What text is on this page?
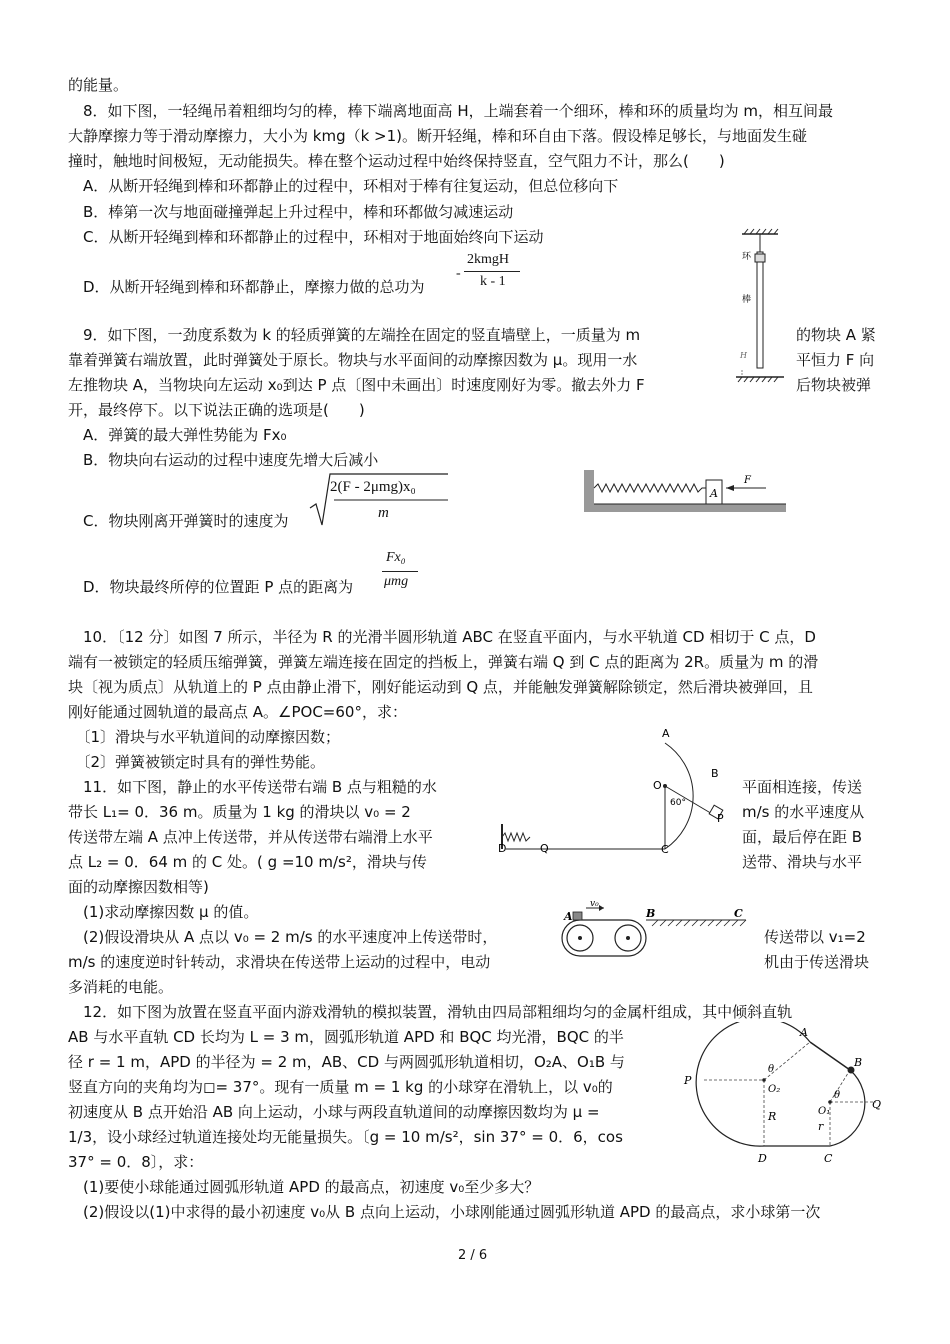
的能量。
　8．如下图，一轻绳吊着粗细均匀的棒，棒下端离地面高 H，上端套着一个细环，棒和环的质量均为 m，相互间最
大静摩擦力等于滑动摩擦力，大小为 kmg（k >1)。断开轻绳，棒和环自由下落。假设棒足够长，与地面发生碰
撞时，触地时间极短，无动能损失。棒在整个运动过程中始终保持竖直，空气阻力不计，那么(　　)
　A．从断开轻绳到棒和环都静止的过程中，环相对于棒有往复运动，但总位移向下
　B．棒第一次与地面碰撞弹起上升过程中，棒和环都做匀减速运动
　C．从断开轻绳到棒和环都静止的过程中，环相对于地面始终向下运动
　D．从断开轻绳到棒和环都静止，摩擦力做的总功为
-
2kmgH
k - 1
　9．如下图，一劲度系数为 k 的轻质弹簧的左端拴在固定的竖直墙壁上，一质量为 m	的物块 A 紧
靠着弹簧右端放置，此时弹簧处于原长。物块与水平面间的动摩擦因数为 μ。现用一水	平恒力 F 向
左推物块 A，当物块向左运动 x₀到达 P 点〔图中未画出〕时速度刚好为零。撤去外力 F	后物块被弹
开，最终停下。以下说法正确的选项是(　　)
　A．弹簧的最大弹性势能为 Fx₀
　B．物块向右运动的过程中速度先增大后减小
　C．物块刚离开弹簧时的速度为
2(F - 2μmg)x₀
m
　D．物块最终所停的位置距 P 点的距离为
Fx₀
μmg
　10．〔12 分〕如图 7 所示，半径为 R 的光滑半圆形轨道 ABC 在竖直平面内，与水平轨道 CD 相切于 C 点，D
端有一被锁定的轻质压缩弹簧，弹簧左端连接在固定的挡板上，弹簧右端 Q 到 C 点的距离为 2R。质量为 m 的滑
块〔视为质点〕从轨道上的 P 点由静止滑下，刚好能运动到 Q 点，并能触发弹簧解除锁定，然后滑块被弹回，且
刚好能通过圆轨道的最高点 A。∠POC=60°，求：
　〔1〕滑块与水平轨道间的动摩擦因数；
　〔2〕弹簧被锁定时具有的弹性势能。
　11．如下图，静止的水平传送带右端 B 点与粗糙的水	平面相连接，传送
带长 L₁= 0．36 m。质量为 1 kg 的滑块以 v₀ = 2	m/s 的水平速度从
传送带左端 A 点冲上传送带，并从传送带右端滑上水平	面，最后停在距 B
点 L₂ = 0．64 m 的 C 处。( g =10 m/s²，滑块与传	送带、滑块与水平
面的动摩擦因数相等)
　(1)求动摩擦因数 μ 的值。
　(2)假设滑块从 A 点以 v₀ = 2 m/s 的水平速度冲上传送带时，	传送带以 v₁=2
m/s 的速度逆时针转动，求滑块在传送带上运动的过程中，电动	机由于传送滑块
多消耗的电能。
　12．如下图为放置在竖直平面内游戏滑轨的模拟装置，滑轨由四局部粗细均匀的金属杆组成，其中倾斜直轨
AB 与水平直轨 CD 长均为 L = 3 m，圆弧形轨道 APD 和 BQC 均光滑，BQC 的半
径 r = 1 m，APD 的半径为 = 2 m，AB、CD 与两圆弧形轨道相切，O₂A、O₁B 与
竖直方向的夹角均为◻= 37°。现有一质量 m = 1 kg 的小球穿在滑轨上，以 v₀的
初速度从 B 点开始沿 AB 向上运动，小球与两段直轨道间的动摩擦因数均为 μ =
1/3，设小球经过轨道连接处均无能量损失。〔g = 10 m/s²，sin 37° = 0．6，cos
37° = 0．8〕，求：
　(1)要使小球能通过圆弧形轨道 APD 的最高点，初速度 v₀至少多大？
　(2)假设以(1)中求得的最小初速度 v₀从 B 点向上运动，小球刚能通过圆弧形轨道 APD 的最高点，求小球第一次
环
棒
H
A
F
A
B
O
60°
P
D	Q	C
A
v₀
B	C
A
B
P
O₂
O₁
θ
θ
R
r
Q
D	C
2 / 6
